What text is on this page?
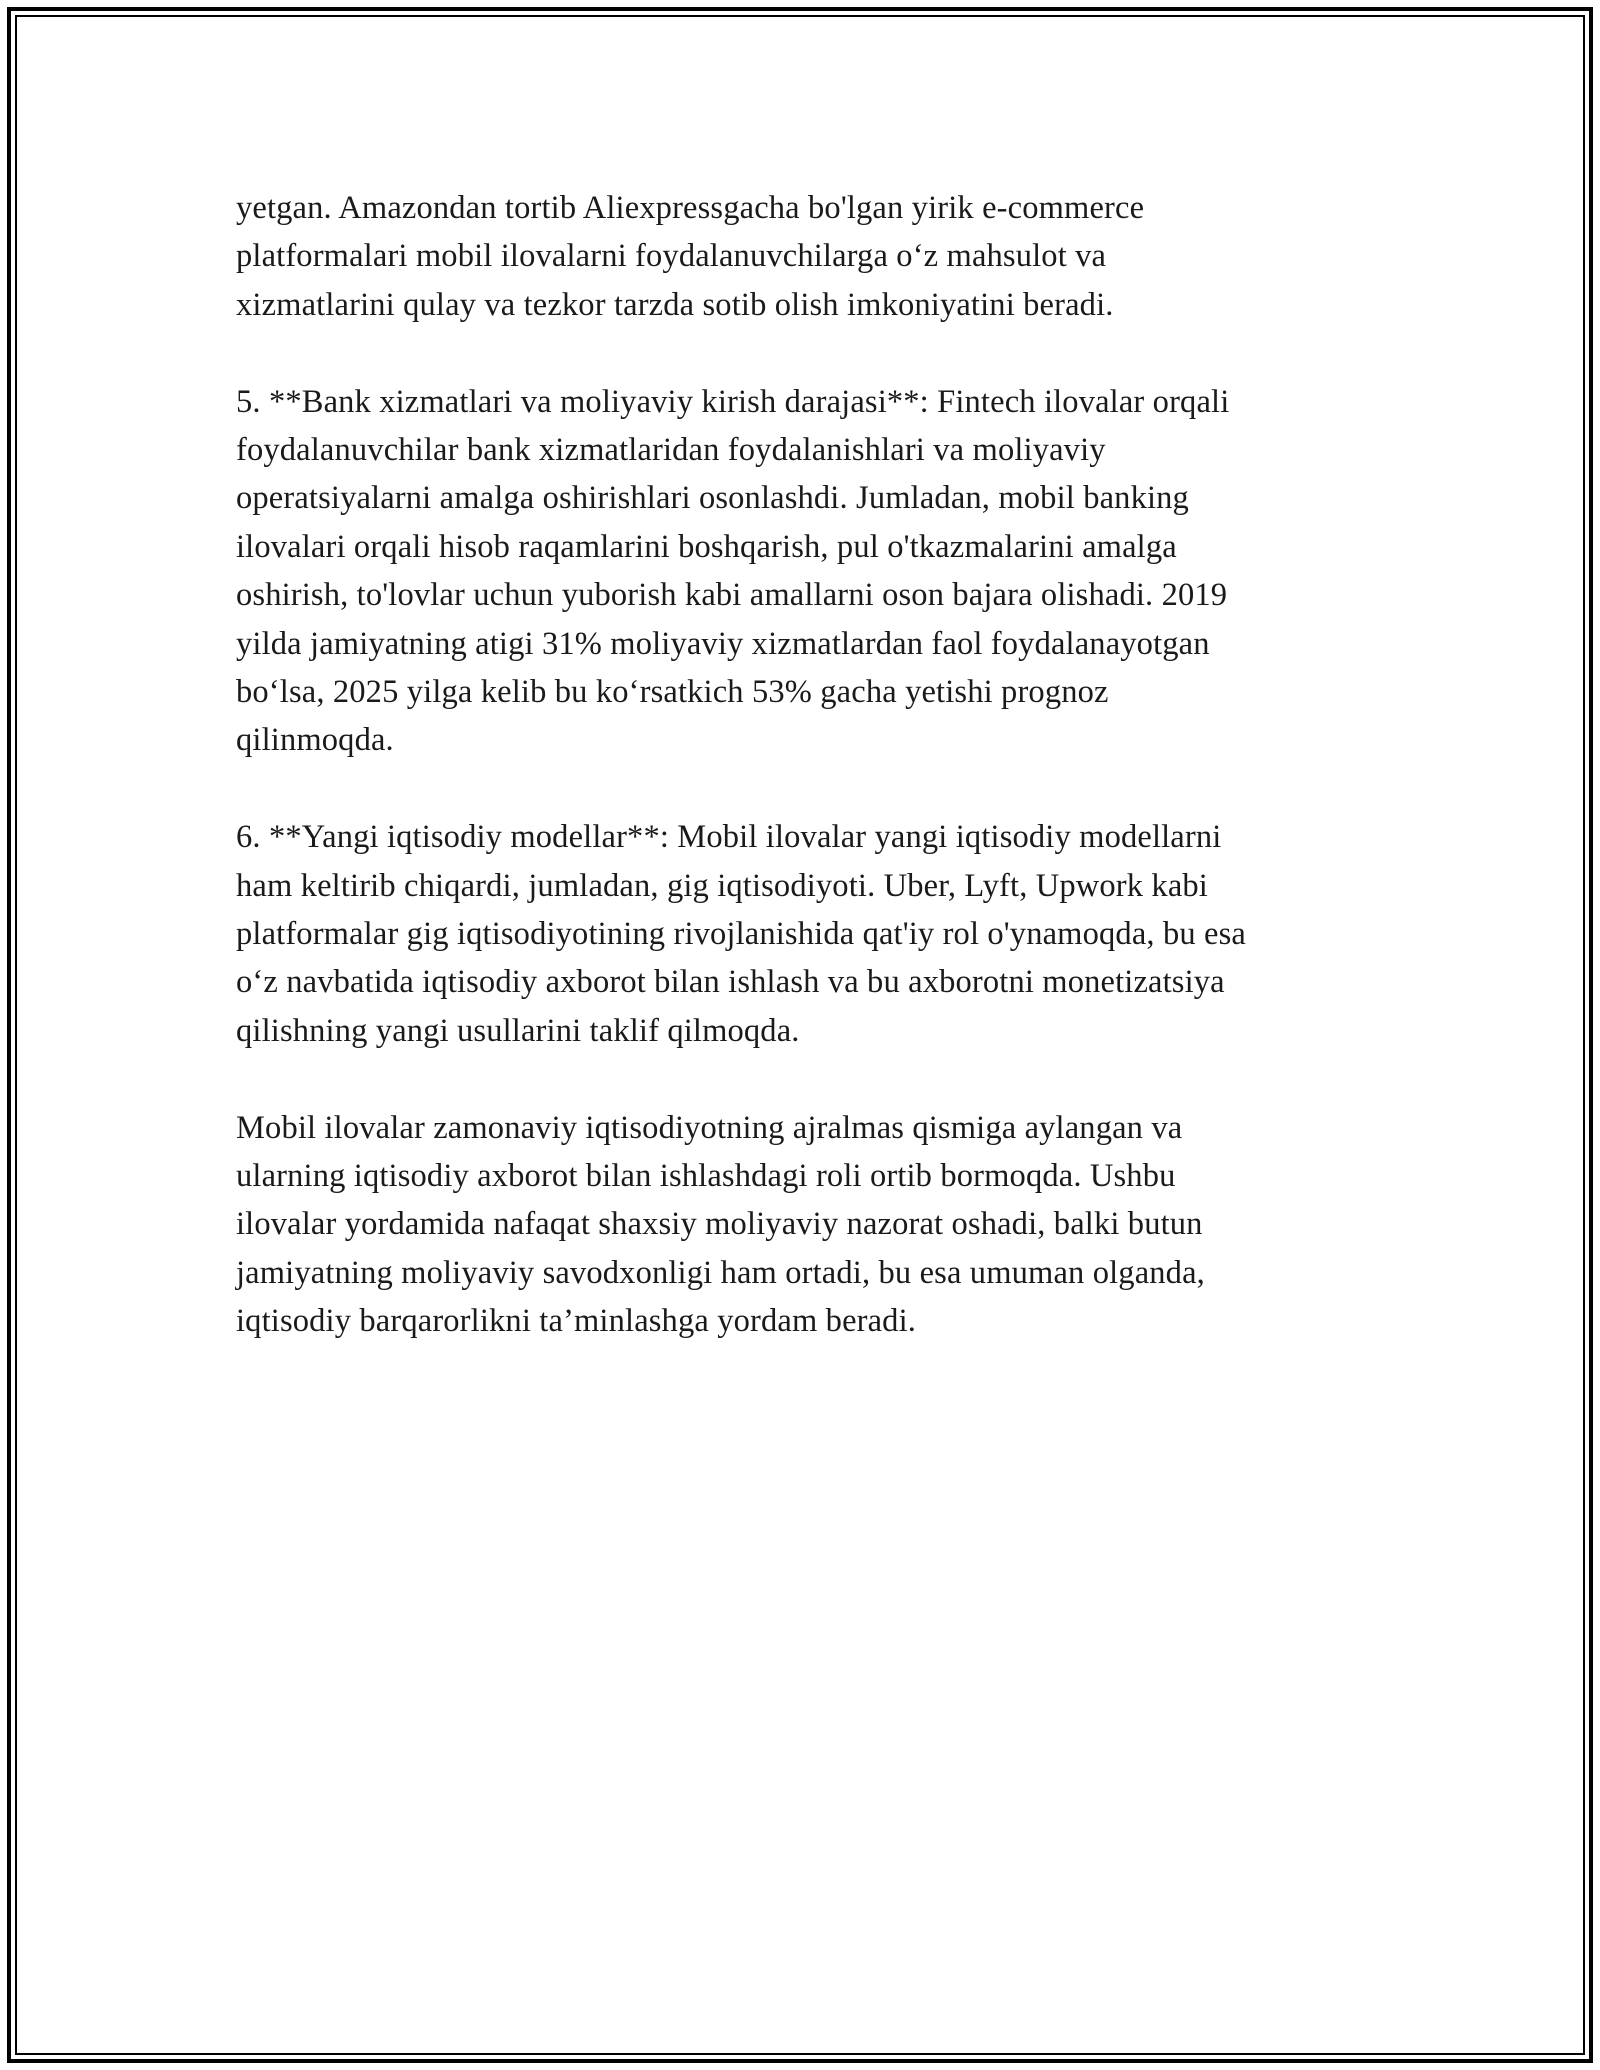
yetgan. Amazondan tortib Aliexpressgacha bo'lgan yirik e-commerce
platformalari mobil ilovalarni foydalanuvchilarga o‘z mahsulot va
xizmatlarini qulay va tezkor tarzda sotib olish imkoniyatini beradi.

5. **Bank xizmatlari va moliyaviy kirish darajasi**: Fintech ilovalar orqali
foydalanuvchilar bank xizmatlaridan foydalanishlari va moliyaviy
operatsiyalarni amalga oshirishlari osonlashdi. Jumladan, mobil banking
ilovalari orqali hisob raqamlarini boshqarish, pul o'tkazmalarini amalga
oshirish, to'lovlar uchun yuborish kabi amallarni oson bajara olishadi. 2019
yilda jamiyatning atigi 31% moliyaviy xizmatlardan faol foydalanayotgan
bo‘lsa, 2025 yilga kelib bu ko‘rsatkich 53% gacha yetishi prognoz
qilinmoqda.

6. **Yangi iqtisodiy modellar**: Mobil ilovalar yangi iqtisodiy modellarni
ham keltirib chiqardi, jumladan, gig iqtisodiyoti. Uber, Lyft, Upwork kabi
platformalar gig iqtisodiyotining rivojlanishida qat'iy rol o'ynamoqda, bu esa
o‘z navbatida iqtisodiy axborot bilan ishlash va bu axborotni monetizatsiya
qilishning yangi usullarini taklif qilmoqda.

Mobil ilovalar zamonaviy iqtisodiyotning ajralmas qismiga aylangan va
ularning iqtisodiy axborot bilan ishlashdagi roli ortib bormoqda. Ushbu
ilovalar yordamida nafaqat shaxsiy moliyaviy nazorat oshadi, balki butun
jamiyatning moliyaviy savodxonligi ham ortadi, bu esa umuman olganda,
iqtisodiy barqarorlikni ta’minlashga yordam beradi.
